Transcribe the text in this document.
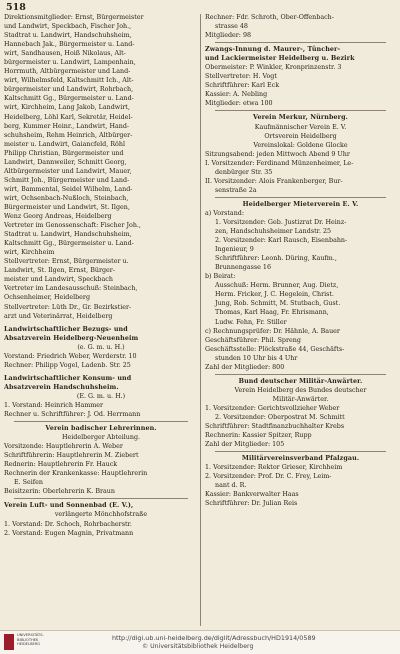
518
Direktionsmitglieder: Ernst, Bürgermeister
und Landwirt, Speckbach, Fischer Joh.,
Stadtrat u. Landwirt, Handschuhsheim,
Hannebach Jak., Bürgermeister u. Land-
wirt, Sandhausen, Hoiß Nikolaus, Alt-
bürgermeister u. Landwirt, Lampenhain,
Horrmuth, Altbürgermeister und Land-
wirt, Wilhelmsfeld, Kaltschmitt Ich., Alt-
bürgermeister und Landwirt, Rohrbach,
Kaltschmitt Gg., Bürgermeister u. Land-
wirt, Kirchheim, Lang Jakob, Landwirt,
Heidelberg, Löhl Karl, Sekretär, Heidel-
berg, Kummer Heinr., Landwirt, Hand-
schuhsheim, Rehm Heinrich, Altbürger-
meister u. Landwirt, Gaiancfeld, Röhl
Philipp Christian, Bürgermeister und
Landwirt, Dannweiler, Schmitt Georg,
Altbürgermeister und Landwirt, Mauer,
Schmitt Joh., Bürgermeister und Land-
wirt, Bammental, Seidel Wilhelm, Land-
wirt, Ochsenbach-Nußloch, Steinbach,
Bürgermeister und Landwirt, St. Ilgen,
Wenz Georg Andreas, Heidelberg
Vertreter im Genossenschaft: Fischer Joh.,
Stadtrat u. Landwirt, Handschuhsheim,
Kaltschmitt Gg., Bürgermeister u. Land-
wirt, Kirchheim
Stellvertreter: Ernst, Bürgermeister u.
Landwirt, St. Ilgen, Ernst, Bürger-
meister und Landwirt, Speckbach
Vertreter im Landesausschuß: Steinbach,
Ochsenheimer, Heidelberg
Stellvertreter: Lüth Dr., Gr. Bezirkstier-
arzt und Veterinärrat, Heidelberg
Landwirtschaftlicher Bezugs- und
Absatzverein Heidelberg-Neuenheim
(e. G. m. u. H.)
Vorstand: Friedrich Weber, Werderstr. 10
Rechner: Philipp Vogel, Ladenb. Str. 25
Landwirtschaftlicher Konsum- und
Absatzverein Handschuhsheim.
(E. G. m. u. H.)
1. Vorstand: Heinrich Hammer
Rechner u. Schriftführer: J. Od. Herrmann
Verein badischer Lehrerinnen.
Heidelberger Abteilung.
Vorsitzende: Hauptlehrerin A. Weber
Schriftführerin: Hauptlehrerin M. Ziebert
Rednerin: Hauptlehrerin Fr. Hauck
Rechnerin der Krankenkasse: Hauptlehrerin
E. Seifen
Beisitzerin: Oberlehrerin K. Braun
Verein Luft- und Sonnenbad (E. V.),
verlängerte Mönchhofstraße
1. Vorstand: Dr. Schoch, Rohrbacherstr.
2. Vorstand: Eugen Magnin, Privatmann
Rechner: Fdr. Schroth, Ober-Offenbach-
strasse 48
Mitglieder: 98
Zwangs-Innung d. Maurer-, Tüncher-
und Lackiermeister Heidelberg u. Bezirk
Obermeister: P. Winkler, Kronprinzenstr. 3
Stellvertreter: H. Vogt
Schriftführer: Karl Eck
Kassier: A. Nebling
Mitglieder: etwa 100
Verein Merkur, Nürnberg.
Kaufmännischer Verein E. V.
Ortsverein Heidelberg
Vereinslokal: Goldene Glocke
Sitzungsabend: jeden Mittwoch Abend 9 Uhr
I. Vorsitzender: Ferdinand Münzenheimer, Le-
denbürger Str. 35
II. Vorsitzender: Alois Frankenberger, Bur-
senstraße 2a
Heidelberger Mieterverein E. V.
a) Vorstand:
1. Vorsitzender: Geb. Justizrat Dr. Heinz-
zen, Handschuhsheimer Landstr. 25
2. Vorsitzender: Karl Rausch, Eisenbahn-
Ingenieur, 9
Schriftführer: Leonh. Düring, Kaufm.,
Brunnengasse 16
b) Beirat:
Ausschuß: Herm. Brunner, Aug. Dietz,
Herm. Fricker, J. C. Hegelein, Christ.
Jung, Rob. Schmitt, M. Stutbach, Gust.
Thomas, Karl Haag, Fr. Ehrismann,
Ludw. Fehn, Fr. Stiller
c) Rechnungsprüfer: Dr. Hähnle, A. Bauer
Geschäftsführer: Phil. Spreng
Geschäftsstelle: Plöckstraße 44, Geschäfts-
stunden 10 Uhr bis 4 Uhr
Zahl der Mitglieder: 800
Bund deutscher Militär-Anwärter.
Verein Heidelberg des Bundes deutscher
Militär-Anwärter.
1. Vorsitzender: Gerichtsvollzieher Weber
2. Vorsitzender: Oberpostrat M. Schmitt
Schriftführer: Stadtfinanzbuchhalter Krebs
Rechnerin: Kassier Spitzer, Rupp
Zahl der Mitglieder: 105
Militärvereinsverband Pfalzgau.
1. Vorsitzender: Rektor Grieser, Kirchheim
2. Vorsitzender: Prof. Dr. C. Frey, Leim-
nant d. R.
Kassier: Bankverwalter Haas
Schriftführer: Dr. Julian Reis
UNIVERSITÄTS-
BIBLIOTHEK
HEIDELBERG
http://digi.ub.uni-heidelberg.de/diglit/Adressbuch/HD1914/0589
© Universitätsbibliothek Heidelberg
